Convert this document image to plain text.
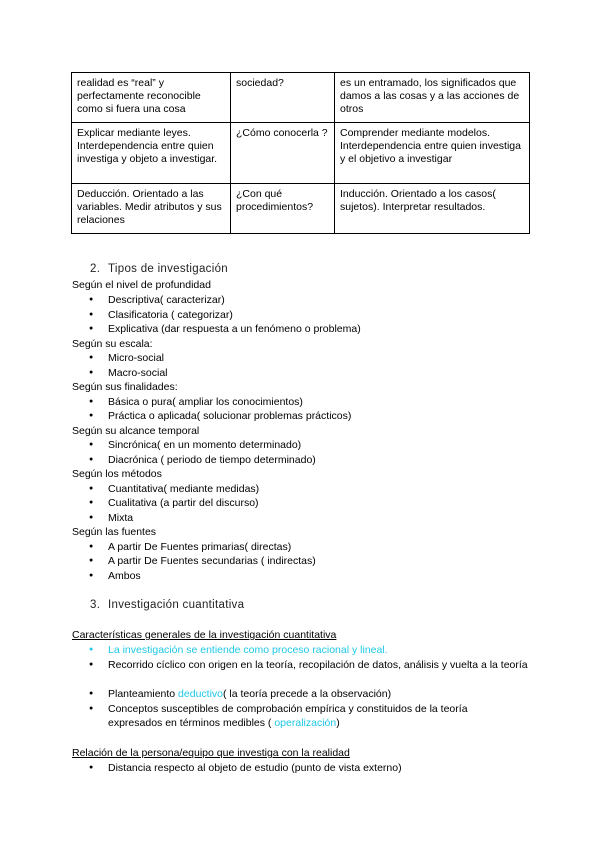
realidad es “real” y perfectamente reconocible como si fuera una cosa	sociedad?	es un entramado, los significados que damos a las cosas y a las acciones de otros
Explicar mediante leyes. Interdependencia entre quien investiga y objeto a investigar.	¿Cómo conocerla ?	Comprender mediante modelos. Interdependencia entre quien investiga y el objetivo a investigar
Deducción. Orientado a las variables. Medir atributos y sus relaciones	¿Con qué procedimientos?	Inducción. Orientado a los casos( sujetos). Interpretar resultados.
2. Tipos de investigación
Según el nivel de profundidad
● Descriptiva( caracterizar)
● Clasificatoria ( categorizar)
● Explicativa (dar respuesta a un fenómeno o problema)
Según su escala:
● Micro-social
● Macro-social
Según sus finalidades:
● Básica o pura( ampliar los conocimientos)
● Práctica o aplicada( solucionar problemas prácticos)
Según su alcance temporal
● Sincrónica( en un momento determinado)
● Diacrónica ( periodo de tiempo determinado)
Según los métodos
● Cuantitativa( mediante medidas)
● Cualitativa (a partir del discurso)
● Mixta
Según las fuentes
● A partir De Fuentes primarias( directas)
● A partir De Fuentes secundarias ( indirectas)
● Ambos
3. Investigación cuantitativa
Características generales de la investigación cuantitativa
● La investigación se entiende como proceso racional y lineal.
● Recorrido cíclico con origen en la teoría, recopilación de datos, análisis y vuelta a la teoría
● Planteamiento deductivo( la teoría precede a la observación)
● Conceptos susceptibles de comprobación empírica y constituidos de la teoría expresados en términos medibles ( operalización)
Relación de la persona/equipo que investiga con la realidad
● Distancia respecto al objeto de estudio (punto de vista externo)
